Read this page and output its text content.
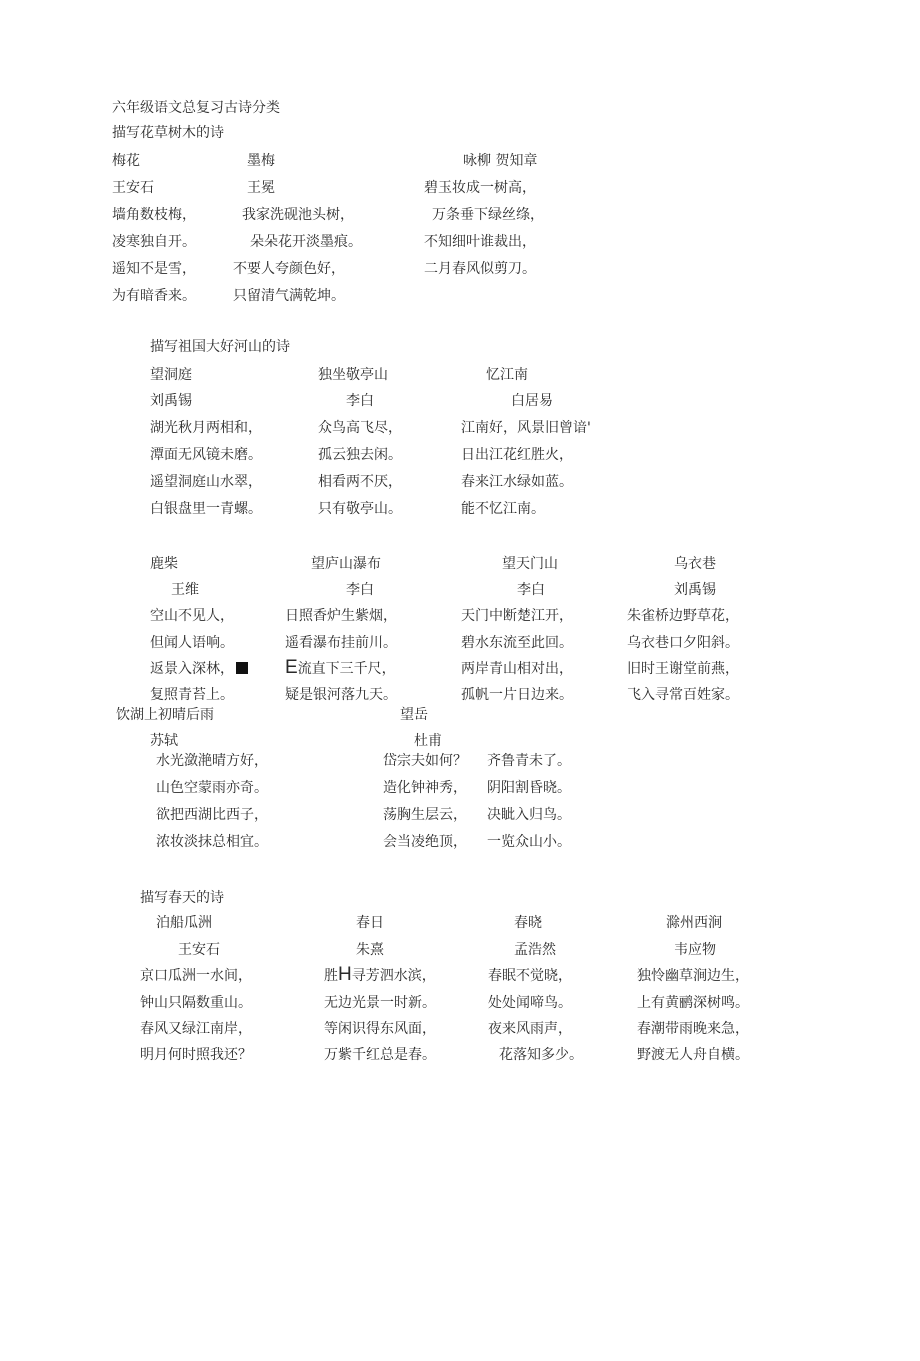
六年级语文总复习古诗分类
描写花草树木的诗
梅花
王安石
墙角数枝梅，
凌寒独自开。
遥知不是雪，
为有暗香来。
墨梅
王冕
我家洗砚池头树，
朵朵花开淡墨痕。
不要人夸颜色好，
只留清气满乾坤。
咏柳 贺知章
碧玉妆成一树高，
万条垂下绿丝绦，
不知细叶谁裁出，
二月春风似剪刀。
描写祖国大好河山的诗
望洞庭
刘禹锡
湖光秋月两相和，
潭面无风镜未磨。
遥望洞庭山水翠，
白银盘里一青螺。
独坐敬亭山
李白
众鸟高飞尽，
孤云独去闲。
相看两不厌，
只有敬亭山。
忆江南
白居易
江南好，风景旧曾谙'
日出江花红胜火，
春来江水绿如蓝。
能不忆江南。
鹿柴
王维
空山不见人，
但闻人语响。
返景入深林，
复照青苔上。
望庐山瀑布
李白
日照香炉生紫烟，
遥看瀑布挂前川。
E流直下三千尺，
疑是银河落九天。
望天门山
李白
天门中断楚江开，
碧水东流至此回。
两岸青山相对出，
孤帆一片日边来。
乌衣巷
刘禹锡
朱雀桥边野草花，
乌衣巷口夕阳斜。
旧时王谢堂前燕，
飞入寻常百姓家。
饮湖上初晴后雨
苏轼
水光潋滟晴方好，
山色空蒙雨亦奇。
欲把西湖比西子，
浓妆淡抹总相宜。
望岳
杜甫
岱宗夫如何？ 齐鲁青未了。
造化钟神秀， 阴阳割昏晓。
荡胸生层云， 决眦入归鸟。
会当凌绝顶， 一览众山小。
描写春天的诗
泊船瓜洲
王安石
京口瓜洲一水间，
钟山只隔数重山。
春风又绿江南岸，
明月何时照我还？
春日
朱熹
胜H寻芳泗水滨，
无边光景一时新。
等闲识得东风面，
万紫千红总是春。
春晓
孟浩然
春眠不觉晓，
处处闻啼鸟。
夜来风雨声，
花落知多少。
滁州西涧
韦应物
独怜幽草涧边生，
上有黄鹂深树鸣。
春潮带雨晚来急，
野渡无人舟自横。
